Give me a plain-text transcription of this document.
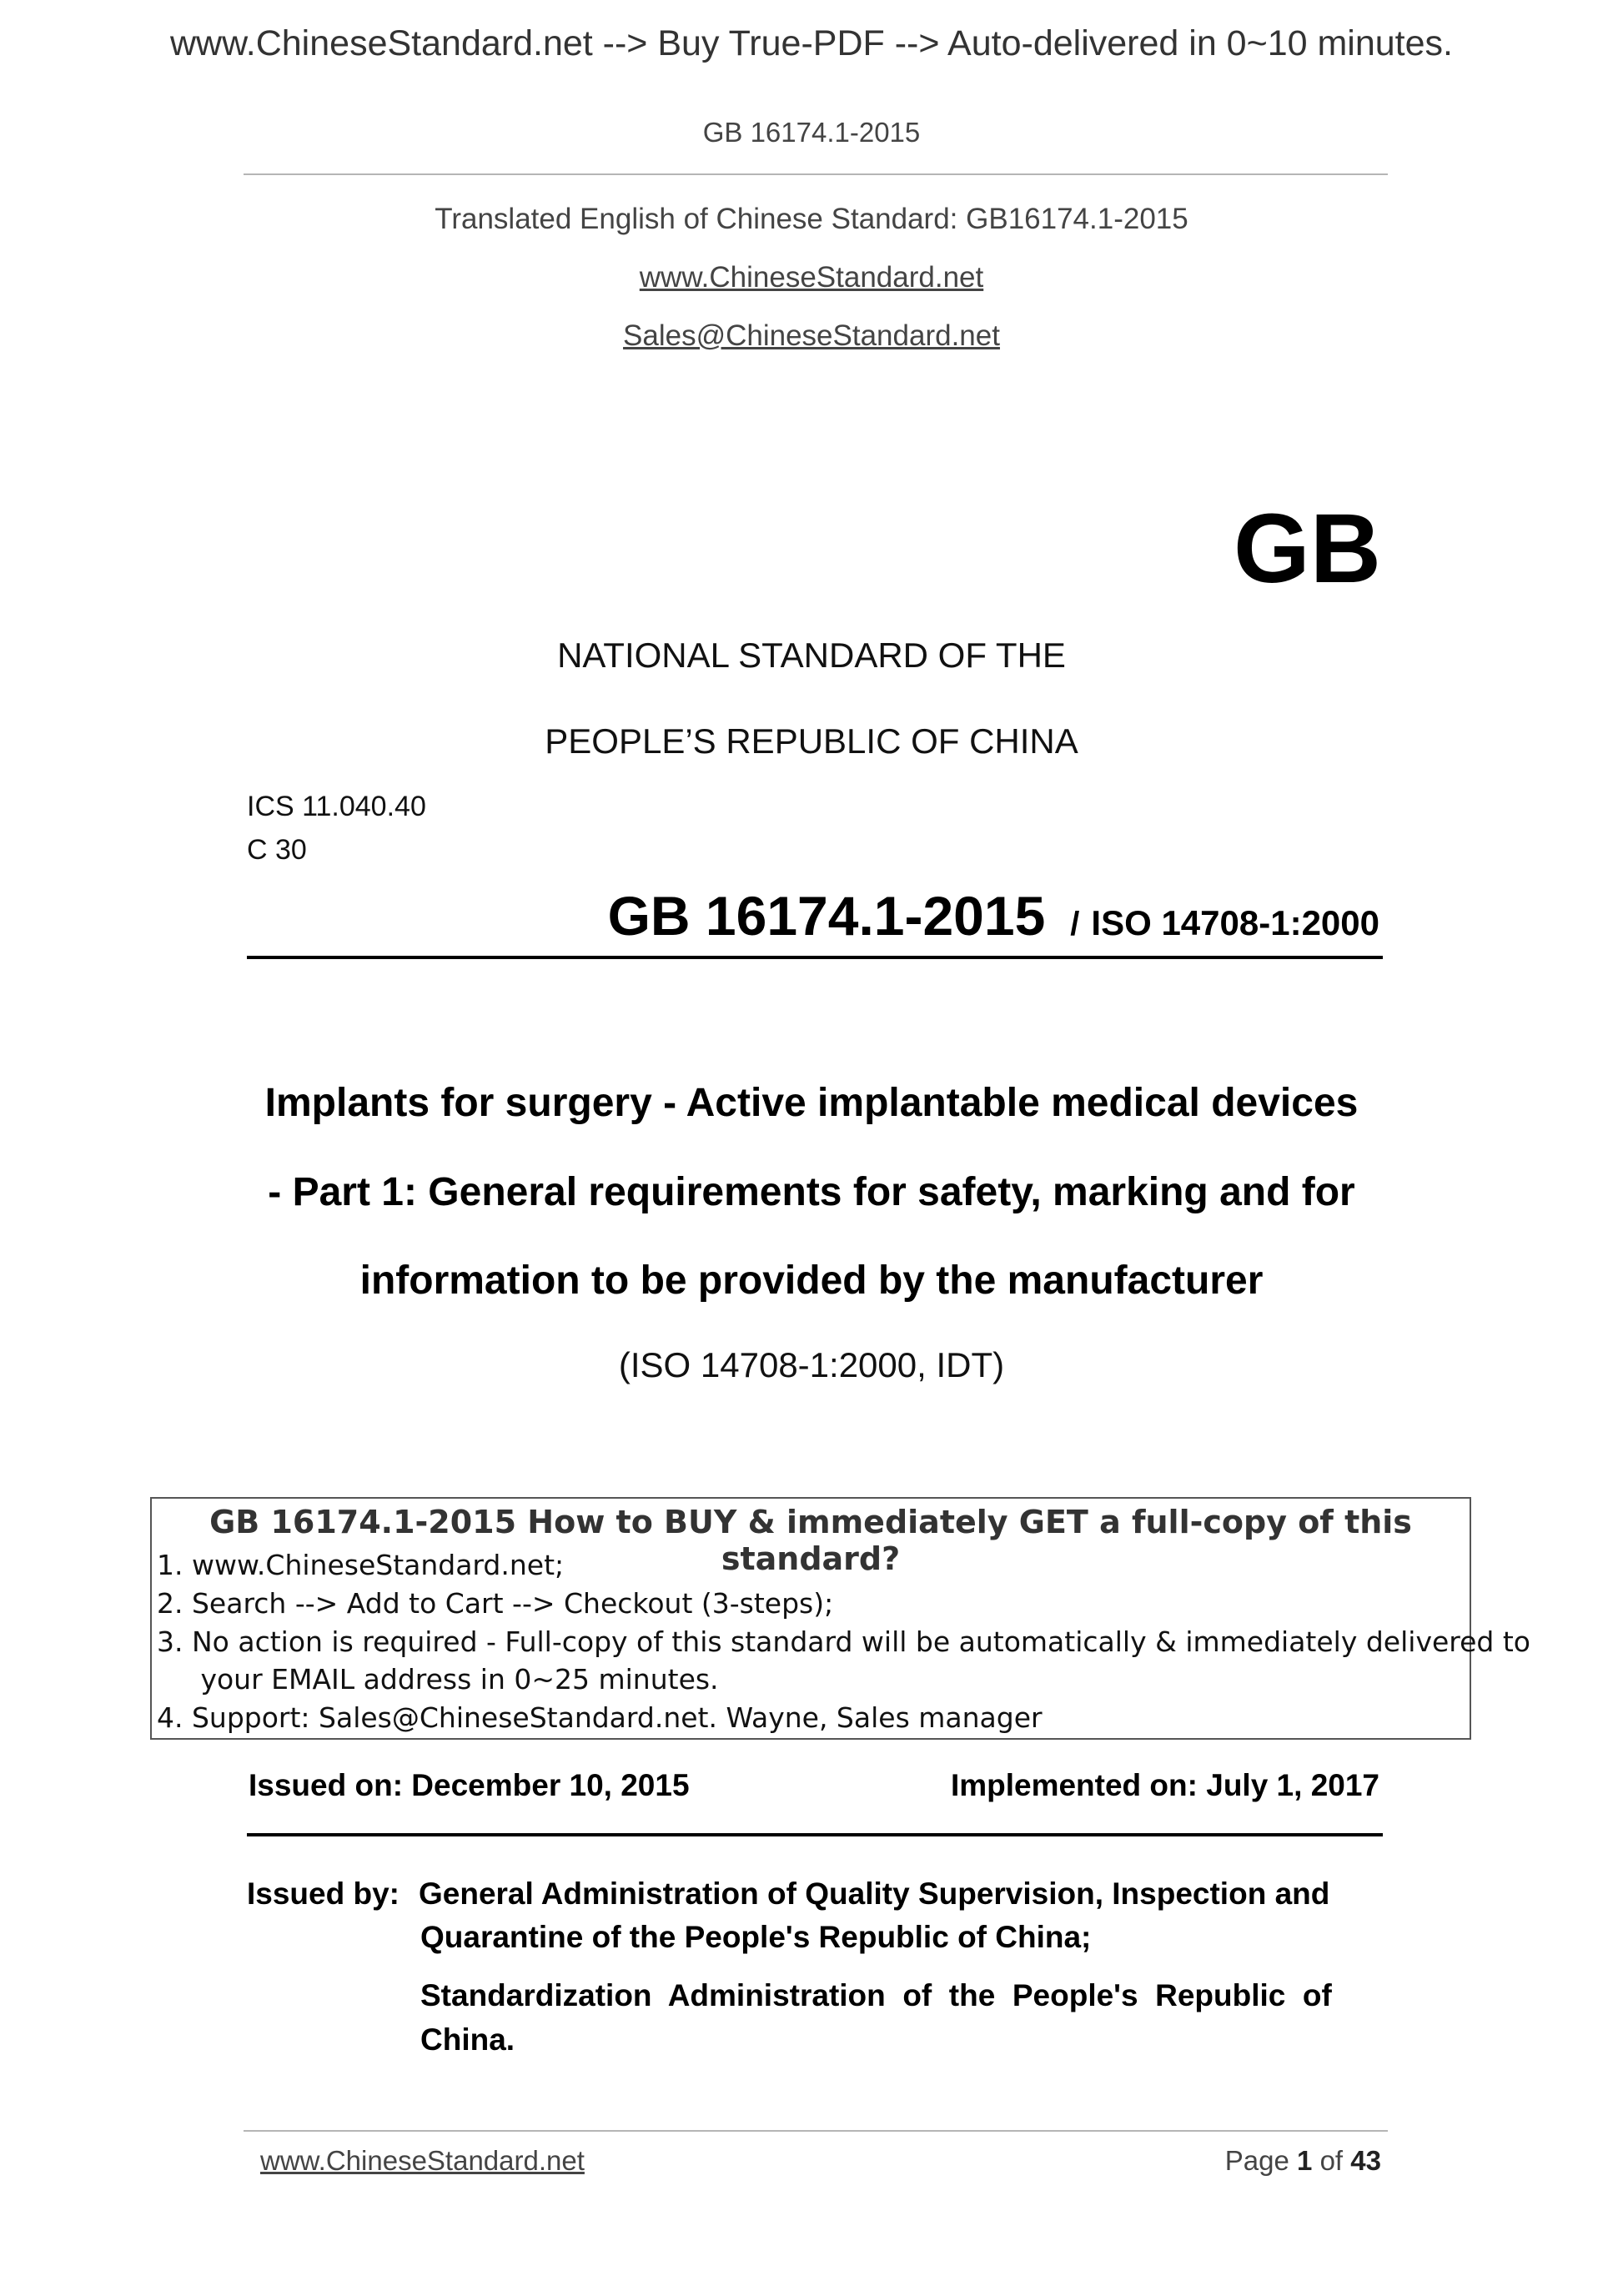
www.ChineseStandard.net --> Buy True-PDF --> Auto-delivered in 0~10 minutes.
GB 16174.1-2015
Translated English of Chinese Standard: GB16174.1-2015
www.ChineseStandard.net
Sales@ChineseStandard.net
GB
NATIONAL STANDARD OF THE
PEOPLE’S REPUBLIC OF CHINA
ICS 11.040.40
C 30
GB 16174.1-2015 / ISO 14708-1:2000
Implants for surgery - Active implantable medical devices
- Part 1: General requirements for safety, marking and for
information to be provided by the manufacturer
(ISO 14708-1:2000, IDT)
GB 16174.1-2015 How to BUY & immediately GET a full-copy of this standard?
1. www.ChineseStandard.net;
2. Search --> Add to Cart --> Checkout (3-steps);
3. No action is required - Full-copy of this standard will be automatically & immediately delivered to
your EMAIL address in 0~25 minutes.
4. Support: Sales@ChineseStandard.net. Wayne, Sales manager
Issued on: December 10, 2015	Implemented on: July 1, 2017
Issued by: General Administration of Quality Supervision, Inspection and
Quarantine of the People's Republic of China;
Standardization  Administration  of  the  People's  Republic  of
China.
www.ChineseStandard.net	Page 1 of 43
